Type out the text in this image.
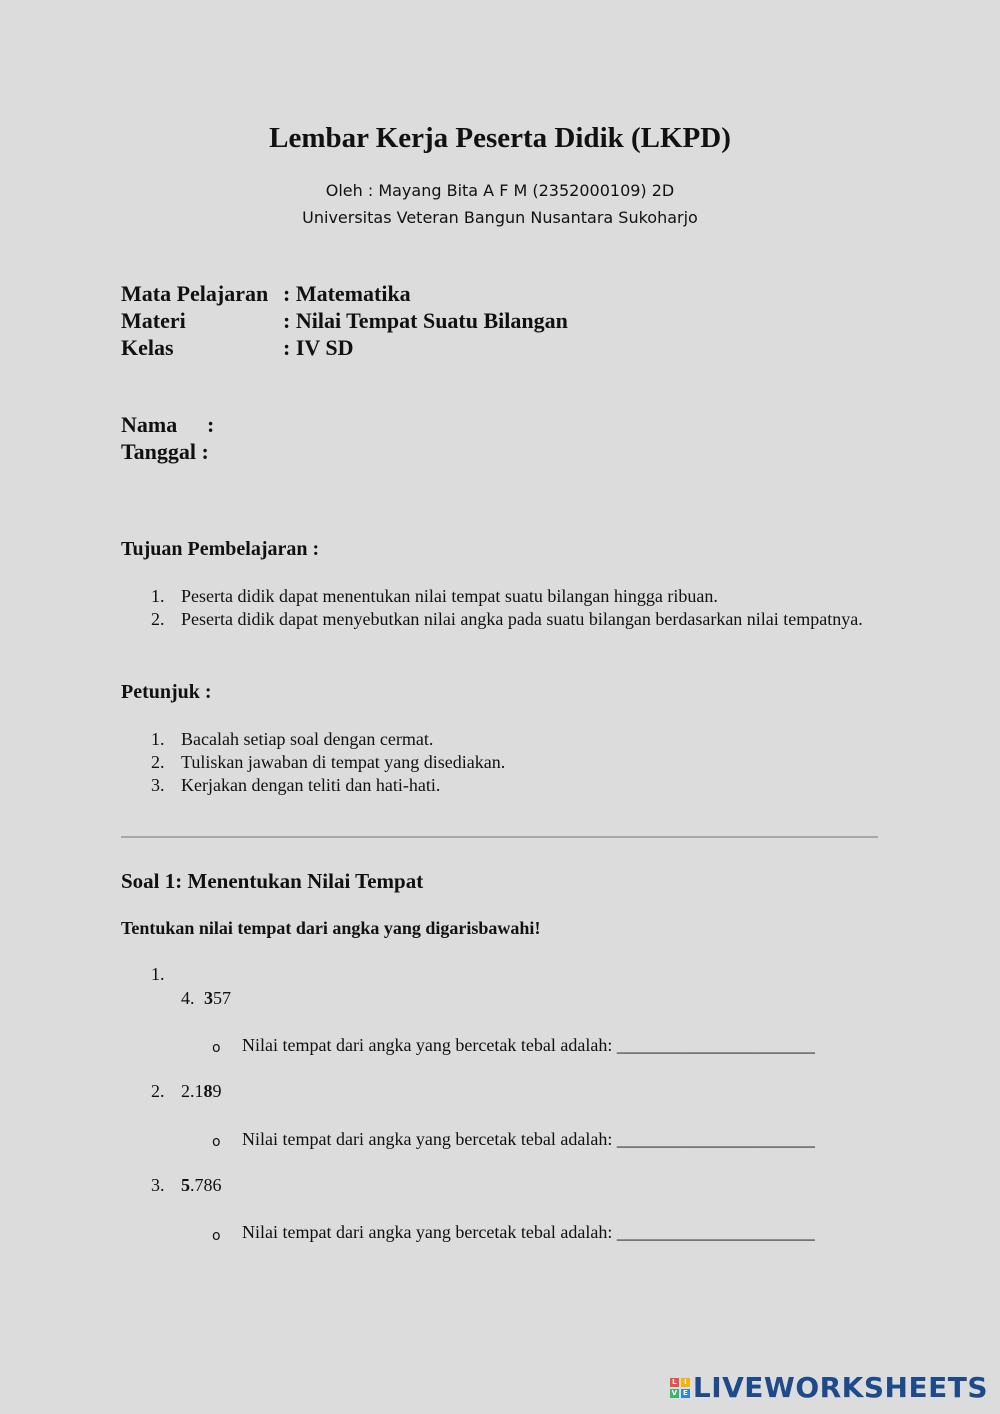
Lembar Kerja Peserta Didik (LKPD)
Oleh : Mayang Bita A F M (2352000109) 2D
Universitas Veteran Bangun Nusantara Sukoharjo
Mata Pelajaran : Matematika
Materi	: Nilai Tempat Suatu Bilangan
Kelas	: IV SD
Nama :
Tanggal :
Tujuan Pembelajaran :
1. Peserta didik dapat menentukan nilai tempat suatu bilangan hingga ribuan.
2. Peserta didik dapat menyebutkan nilai angka pada suatu bilangan berdasarkan nilai tempatnya.
Petunjuk :
1. Bacalah setiap soal dengan cermat.
2. Tuliskan jawaban di tempat yang disediakan.
3. Kerjakan dengan teliti dan hati-hati.
Soal 1: Menentukan Nilai Tempat
Tentukan nilai tempat dari angka yang digarisbawahi!
1.
4. 357
o Nilai tempat dari angka yang bercetak tebal adalah: ______________________
2. 2.189
o Nilai tempat dari angka yang bercetak tebal adalah: ______________________
3. 5.786
o Nilai tempat dari angka yang bercetak tebal adalah: ______________________
L	I
V E LIVEWORKSHEETS
